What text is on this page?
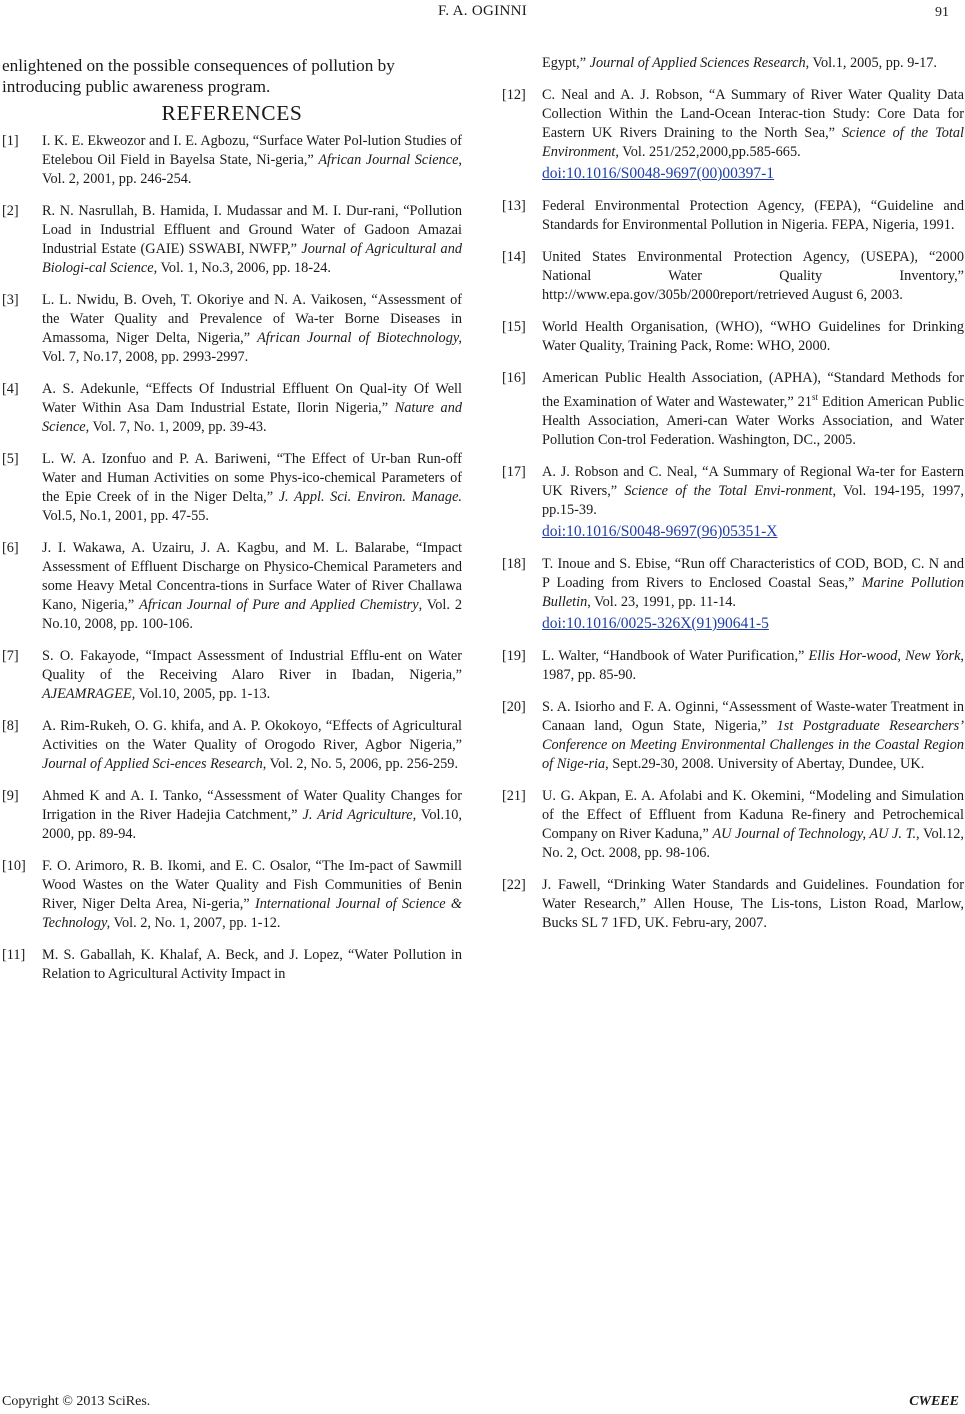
F. A. OGINNI	91

enlightened on the possible consequences of pollution by introducing public awareness program.

REFERENCES
[1] I. K. E. Ekweozor and I. E. Agbozu, “Surface Water Pol-lution Studies of Etelebou Oil Field in Bayelsa State, Ni-geria,” African Journal Science, Vol. 2, 2001, pp. 246-254.
[2] R. N. Nasrullah, B. Hamida, I. Mudassar and M. I. Dur-rani, “Pollution Load in Industrial Effluent and Ground Water of Gadoon Amazai Industrial Estate (GAIE) SSWABI, NWFP,” Journal of Agricultural and Biologi-cal Science, Vol. 1, No.3, 2006, pp. 18-24.
[3] L. L. Nwidu, B. Oveh, T. Okoriye and N. A. Vaikosen, “Assessment of the Water Quality and Prevalence of Wa-ter Borne Diseases in Amassoma, Niger Delta, Nigeria,” African Journal of Biotechnology, Vol. 7, No.17, 2008, pp. 2993-2997.
[4] A. S. Adekunle, “Effects Of Industrial Effluent On Qual-ity Of Well Water Within Asa Dam Industrial Estate, Ilorin Nigeria,” Nature and Science, Vol. 7, No. 1, 2009, pp. 39-43.
[5] L. W. A. Izonfuo and P. A. Bariweni, “The Effect of Ur-ban Run-off Water and Human Activities on some Phys-ico-chemical Parameters of the Epie Creek of in the Niger Delta,” J. Appl. Sci. Environ. Manage. Vol.5, No.1, 2001, pp. 47-55.
[6] J. I. Wakawa, A. Uzairu, J. A. Kagbu, and M. L. Balarabe, “Impact Assessment of Effluent Discharge on Physico-Chemical Parameters and some Heavy Metal Concentra-tions in Surface Water of River Challawa Kano, Nigeria,” African Journal of Pure and Applied Chemistry, Vol. 2 No.10, 2008, pp. 100-106.
[7] S. O. Fakayode, “Impact Assessment of Industrial Efflu-ent on Water Quality of the Receiving Alaro River in Ibadan, Nigeria,” AJEAMRAGEE, Vol.10, 2005, pp. 1-13.
[8] A. Rim-Rukeh, O. G. khifa, and A. P. Okokoyo, “Effects of Agricultural Activities on the Water Quality of Orogodo River, Agbor Nigeria,” Journal of Applied Sci-ences Research, Vol. 2, No. 5, 2006, pp. 256-259.
[9] Ahmed K and A. I. Tanko, “Assessment of Water Quality Changes for Irrigation in the River Hadejia Catchment,” J. Arid Agriculture, Vol.10, 2000, pp. 89-94.
[10] F. O. Arimoro, R. B. Ikomi, and E. C. Osalor, “The Im-pact of Sawmill Wood Wastes on the Water Quality and Fish Communities of Benin River, Niger Delta Area, Ni-geria,” International Journal of Science & Technology, Vol. 2, No. 1, 2007, pp. 1-12.
[11] M. S. Gaballah, K. Khalaf, A. Beck, and J. Lopez, “Water Pollution in Relation to Agricultural Activity Impact in
Egypt,” Journal of Applied Sciences Research, Vol.1, 2005, pp. 9-17.
[12] C. Neal and A. J. Robson, “A Summary of River Water Quality Data Collection Within the Land-Ocean Interac-tion Study: Core Data for Eastern UK Rivers Draining to the North Sea,” Science of the Total Environment, Vol. 251/252,2000,pp.585-665.
doi:10.1016/S0048-9697(00)00397-1
[13] Federal Environmental Protection Agency, (FEPA), “Guideline and Standards for Environmental Pollution in Nigeria. FEPA, Nigeria, 1991.
[14] United States Environmental Protection Agency, (USEPA), “2000 National Water Quality Inventory,” http://www.epa.gov/305b/2000report/retrieved August 6, 2003.
[15] World Health Organisation, (WHO), “WHO Guidelines for Drinking Water Quality, Training Pack, Rome: WHO, 2000.
[16] American Public Health Association, (APHA), “Standard Methods for the Examination of Water and Wastewater,” 21st Edition American Public Health Association, Ameri-can Water Works Association, and Water Pollution Con-trol Federation. Washington, DC., 2005.
[17] A. J. Robson and C. Neal, “A Summary of Regional Wa-ter for Eastern UK Rivers,” Science of the Total Envi-ronment, Vol. 194-195, 1997, pp.15-39.
doi:10.1016/S0048-9697(96)05351-X
[18] T. Inoue and S. Ebise, “Run off Characteristics of COD, BOD, C. N and P Loading from Rivers to Enclosed Coastal Seas,” Marine Pollution Bulletin, Vol. 23, 1991, pp. 11-14.
doi:10.1016/0025-326X(91)90641-5
[19] L. Walter, “Handbook of Water Purification,” Ellis Hor-wood, New York, 1987, pp. 85-90.
[20] S. A. Isiorho and F. A. Oginni, “Assessment of Waste-water Treatment in Canaan land, Ogun State, Nigeria,” 1st Postgraduate Researchers’ Conference on Meeting Environmental Challenges in the Coastal Region of Nige-ria, Sept.29-30, 2008. University of Abertay, Dundee, UK.
[21] U. G. Akpan, E. A. Afolabi and K. Okemini, “Modeling and Simulation of the Effect of Effluent from Kaduna Re-finery and Petrochemical Company on River Kaduna,” AU Journal of Technology, AU J. T., Vol.12, No. 2, Oct. 2008, pp. 98-106.
[22] J. Fawell, “Drinking Water Standards and Guidelines. Foundation for Water Research,” Allen House, The Lis-tons, Liston Road, Marlow, Bucks SL 7 1FD, UK. Febru-ary, 2007.
Copyright © 2013 SciRes.	CWEEE
